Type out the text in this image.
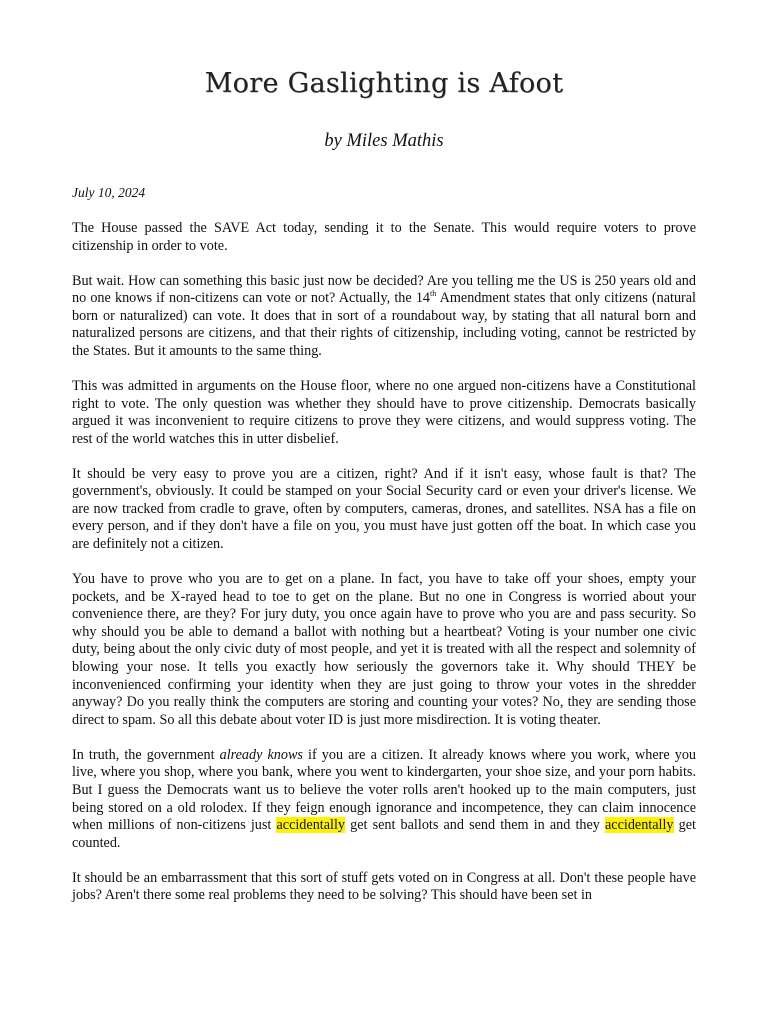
More Gaslighting is Afoot
by Miles Mathis
July 10, 2024

The House passed the SAVE Act today, sending it to the Senate. This would require voters to prove citizenship in order to vote.

But wait. How can something this basic just now be decided? Are you telling me the US is 250 years old and no one knows if non-citizens can vote or not? Actually, the 14th Amendment states that only citizens (natural born or naturalized) can vote. It does that in sort of a roundabout way, by stating that all natural born and naturalized persons are citizens, and that their rights of citizenship, including voting, cannot be restricted by the States. But it amounts to the same thing.

This was admitted in arguments on the House floor, where no one argued non-citizens have a Constitutional right to vote. The only question was whether they should have to prove citizenship. Democrats basically argued it was inconvenient to require citizens to prove they were citizens, and would suppress voting. The rest of the world watches this in utter disbelief.

It should be very easy to prove you are a citizen, right? And if it isn't easy, whose fault is that? The government's, obviously. It could be stamped on your Social Security card or even your driver's license. We are now tracked from cradle to grave, often by computers, cameras, drones, and satellites. NSA has a file on every person, and if they don't have a file on you, you must have just gotten off the boat. In which case you are definitely not a citizen.

You have to prove who you are to get on a plane. In fact, you have to take off your shoes, empty your pockets, and be X-rayed head to toe to get on the plane. But no one in Congress is worried about your convenience there, are they? For jury duty, you once again have to prove who you are and pass security. So why should you be able to demand a ballot with nothing but a heartbeat? Voting is your number one civic duty, being about the only civic duty of most people, and yet it is treated with all the respect and solemnity of blowing your nose. It tells you exactly how seriously the governors take it. Why should THEY be inconvenienced confirming your identity when they are just going to throw your votes in the shredder anyway? Do you really think the computers are storing and counting your votes? No, they are sending those direct to spam. So all this debate about voter ID is just more misdirection. It is voting theater.

In truth, the government already knows if you are a citizen. It already knows where you work, where you live, where you shop, where you bank, where you went to kindergarten, your shoe size, and your porn habits. But I guess the Democrats want us to believe the voter rolls aren't hooked up to the main computers, just being stored on a old rolodex. If they feign enough ignorance and incompetence, they can claim innocence when millions of non-citizens just accidentally get sent ballots and send them in and they accidentally get counted.

It should be an embarrassment that this sort of stuff gets voted on in Congress at all. Don't these people have jobs? Aren't there some real problems they need to be solving? This should have been set in
